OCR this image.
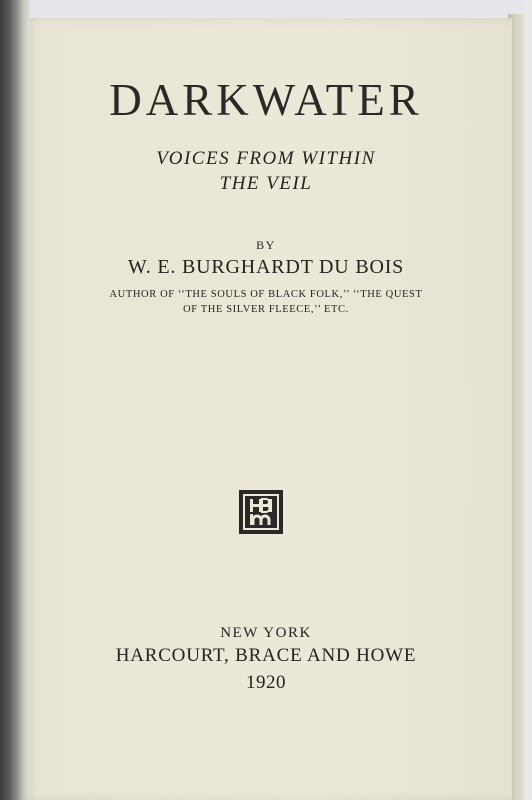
DARKWATER
VOICES FROM WITHIN
THE VEIL
BY
W. E. BURGHARDT DU BOIS
AUTHOR OF ‘‘THE SOULS OF BLACK FOLK,’’ ‘‘THE QUEST
OF THE SILVER FLEECE,’’ ETC.
NEW YORK
HARCOURT, BRACE AND HOWE
1920
